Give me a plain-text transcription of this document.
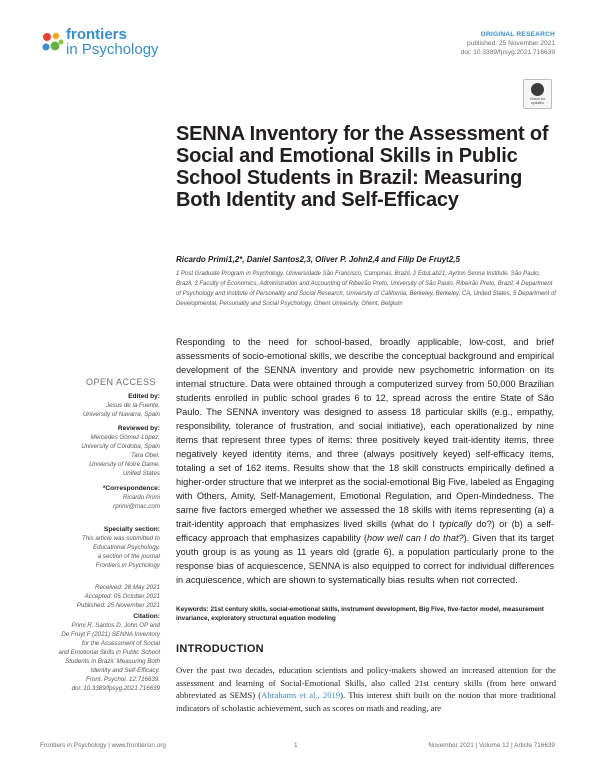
frontiers
in Psychology
ORIGINAL RESEARCH
published: 25 November 2021
doi: 10.3389/fpsyg.2021.716639
Check for updates
SENNA Inventory for the Assessment of Social and Emotional Skills in Public School Students in Brazil: Measuring Both Identity and Self-Efficacy
Ricardo Primi1,2*, Daniel Santos2,3, Oliver P. John2,4 and Filip De Fruyt2,5
1 Post Graduate Program in Psychology, Universidade São Francisco, Campinas, Brazil, 2 EduLab21, Ayrton Senna Institute, São Paulo, Brazil, 3 Faculty of Economics, Administration and Accounting of Ribeirão Preto, University of São Paulo, Ribeirão Preto, Brazil, 4 Department of Psychology and Institute of Personality and Social Research, University of California, Berkeley, Berkeley, CA, United States, 5 Department of Developmental, Personality and Social Psychology, Ghent University, Ghent, Belgium
Responding to the need for school-based, broadly applicable, low-cost, and brief assessments of socio-emotional skills, we describe the conceptual background and empirical development of the SENNA inventory and provide new psychometric information on its internal structure. Data were obtained through a computerized survey from 50,000 Brazilian students enrolled in public school grades 6 to 12, spread across the entire State of São Paulo. The SENNA inventory was designed to assess 18 particular skills (e.g., empathy, responsibility, tolerance of frustration, and social initiative), each operationalized by nine items that represent three types of items: three positively keyed trait-identity items, three negatively keyed identity items, and three (always positively keyed) self-efficacy items, totaling a set of 162 items. Results show that the 18 skill constructs empirically defined a higher-order structure that we interpret as the social-emotional Big Five, labeled as Engaging with Others, Amity, Self-Management, Emotional Regulation, and Open-Mindedness. The same five factors emerged whether we assessed the 18 skills with items representing (a) a trait-identity approach that emphasizes lived skills (what do I typically do?) or (b) a self-efficacy approach that emphasizes capability (how well can I do that?). Given that its target youth group is as young as 11 years old (grade 6), a population particularly prone to the response bias of acquiescence, SENNA is also equipped to correct for individual differences in acquiescence, which are shown to systematically bias results when not corrected.
Keywords: 21st century skills, social-emotional skills, instrument development, Big Five, five-factor model, measurement invariance, exploratory structural equation modeling
INTRODUCTION
Over the past two decades, education scientists and policy-makers showed an increased attention for the assessment and learning of Social-Emotional Skills, also called 21st century skills (from here onward abbreviated as SEMS) (Abrahams et al., 2019). This interest shift built on the notion that more traditional indicators of scholastic achievement, such as scores on math and reading, are
OPEN ACCESS
Edited by:
Jesus de la Fuente,
University of Navarra, Spain
Reviewed by:
Mercedes Gómez-López,
University of Córdoba, Spain
Tara Ober,
University of Notre Dame,
United States
*Correspondence:
Ricardo Primi
rprimi@mac.com
Specialty section:
This article was submitted to
Educational Psychology,
a section of the journal
Frontiers in Psychology
Received: 28 May 2021
Accepted: 05 October 2021
Published: 25 November 2021
Citation:
Primi R, Santos D, John OP and
De Fruyt F (2021) SENNA Inventory
for the Assessment of Social
and Emotional Skills in Public School
Students in Brazil: Measuring Both
Identity and Self-Efficacy.
Front. Psychol. 12:716639.
doi: 10.3389/fpsyg.2021.716639
Frontiers in Psychology | www.frontiersin.org	1	November 2021 | Volume 12 | Article 716639
